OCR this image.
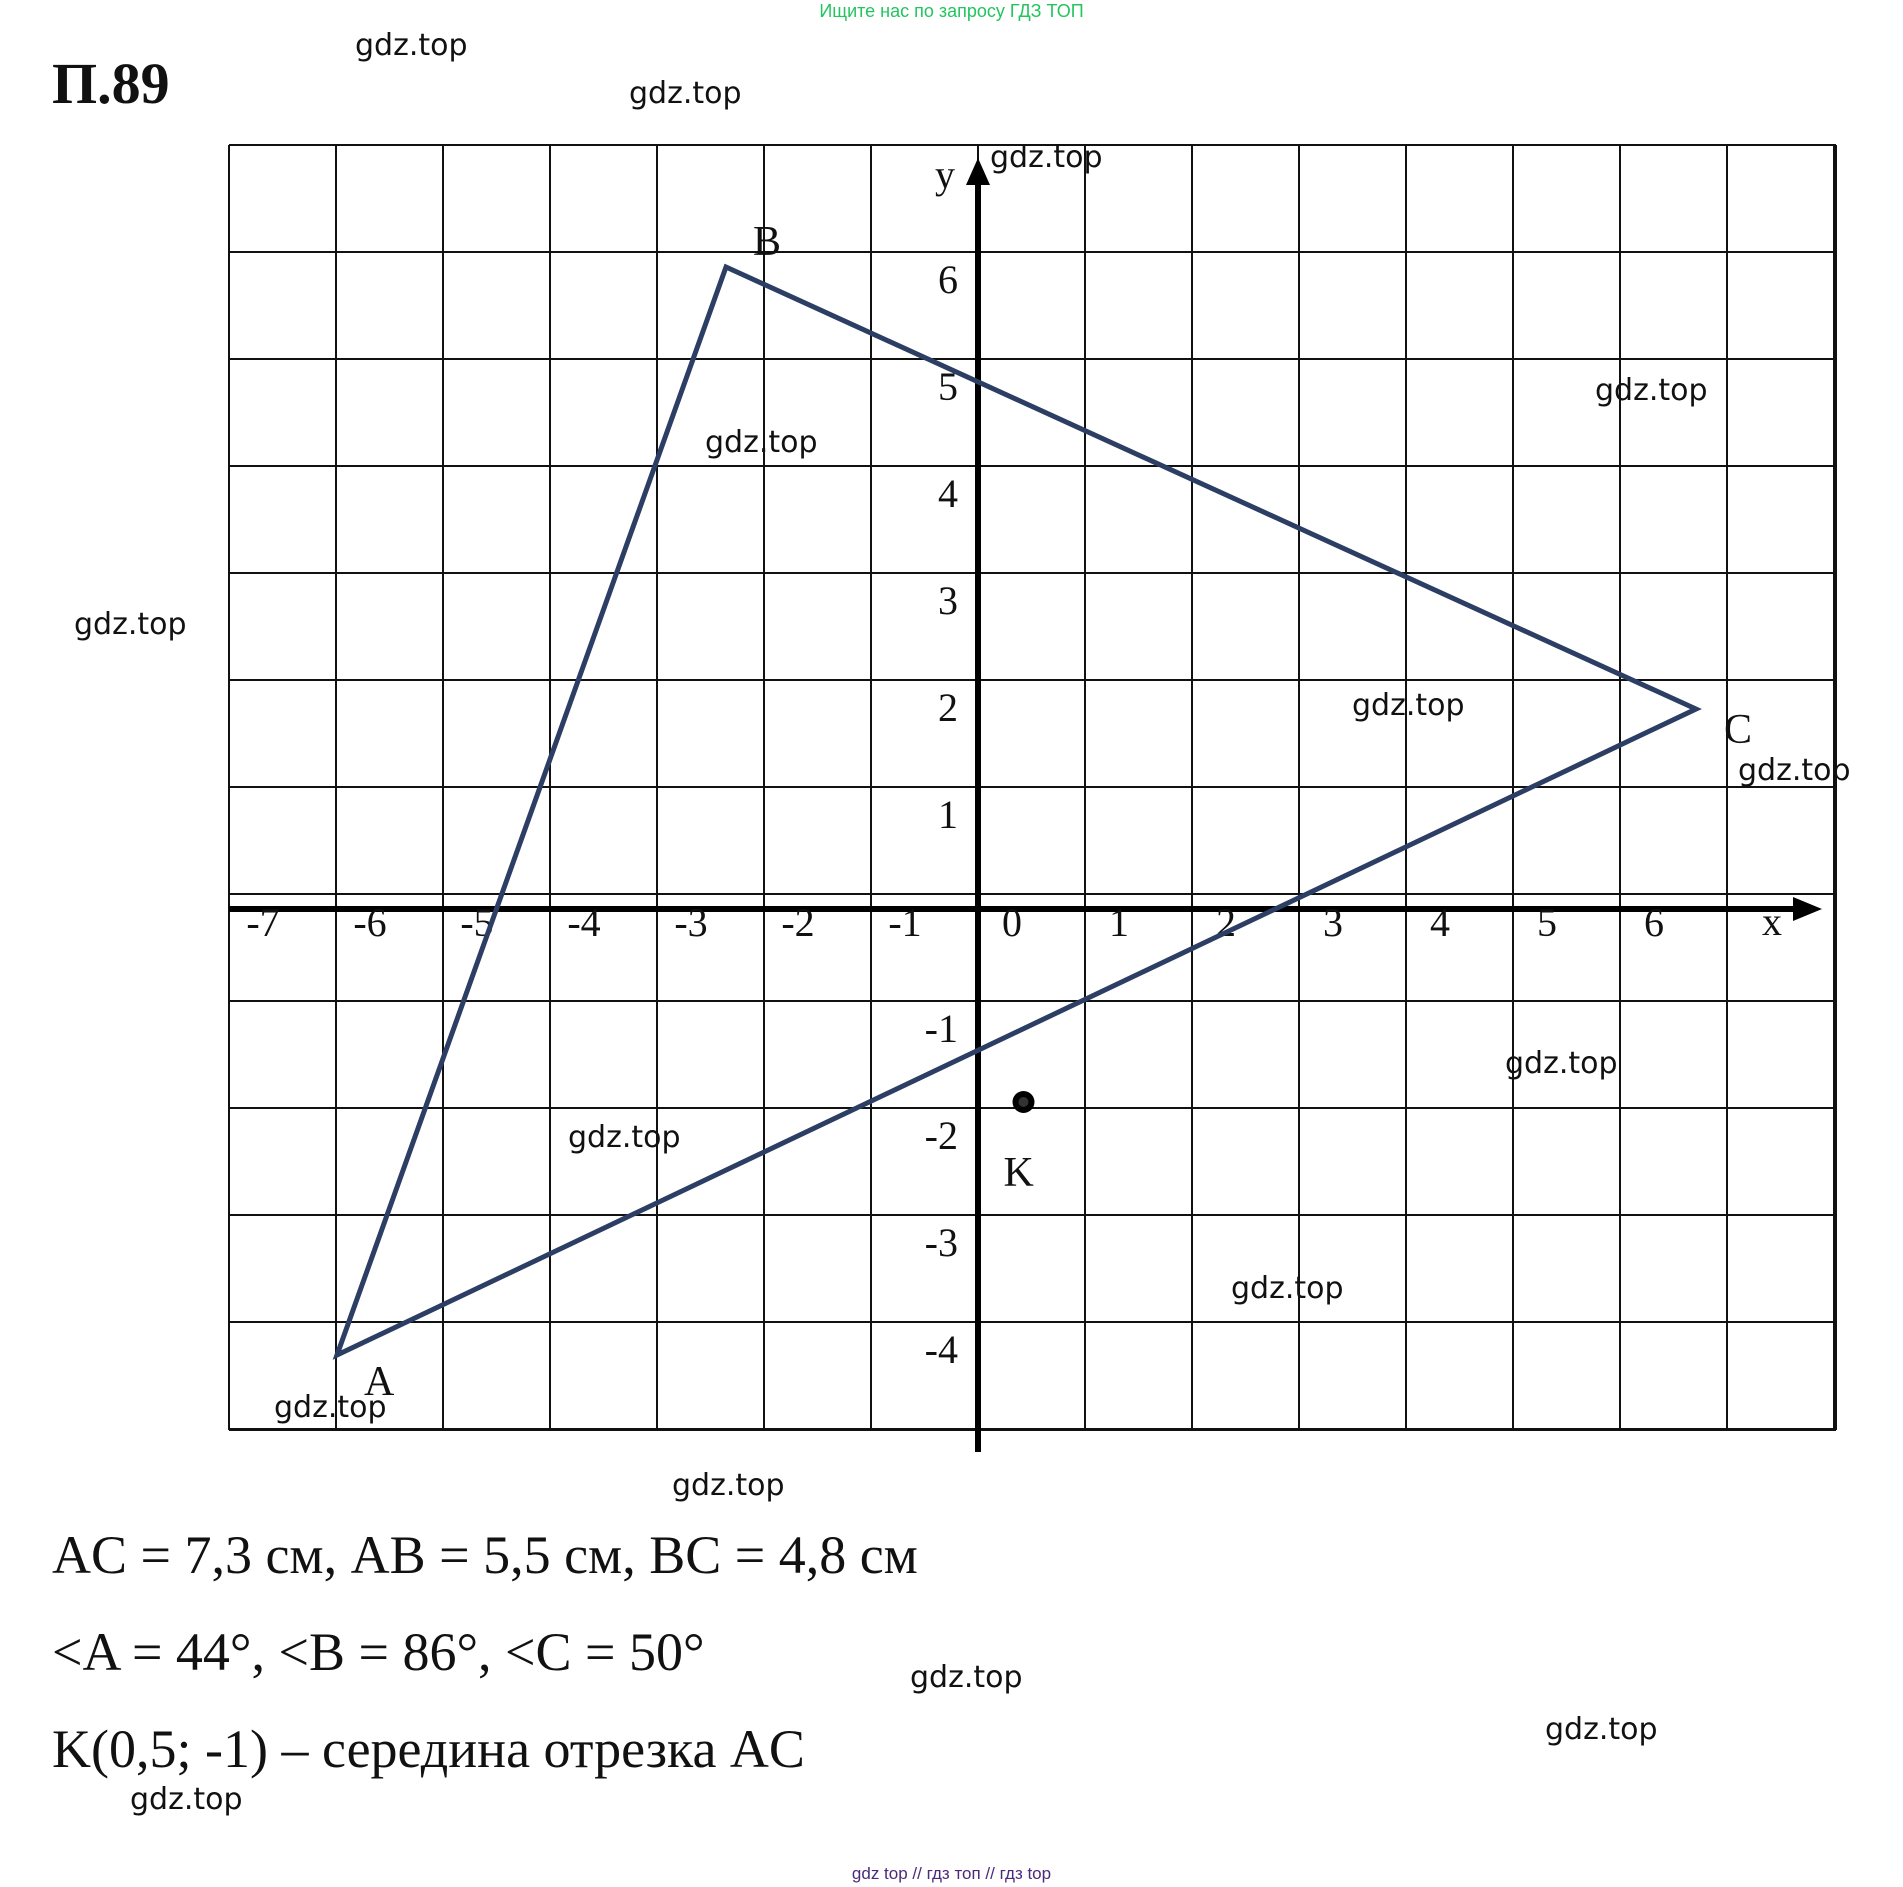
Ищите нас по запросу ГДЗ ТОП
П.89
x
y
-7 -6 -5 -4 -3 -2 -1 0 1 2 3 4 5 6
6
5
4
3
2
1
-1
-2
-3
-4
A
B
C
K
gdz.top
gdz.top
gdz.top
gdz.top
gdz.top
gdz.top
gdz.top
gdz.top
gdz.top
gdz.top
gdz.top
gdz.top
gdz.top
gdz.top
gdz.top
gdz.top
AC = 7,3 см, AB = 5,5 см, BC = 4,8 см
<A = 44°, <B = 86°, <C = 50°
K(0,5; -1) – середина отрезка AC
gdz top // гдз топ // гдз top
